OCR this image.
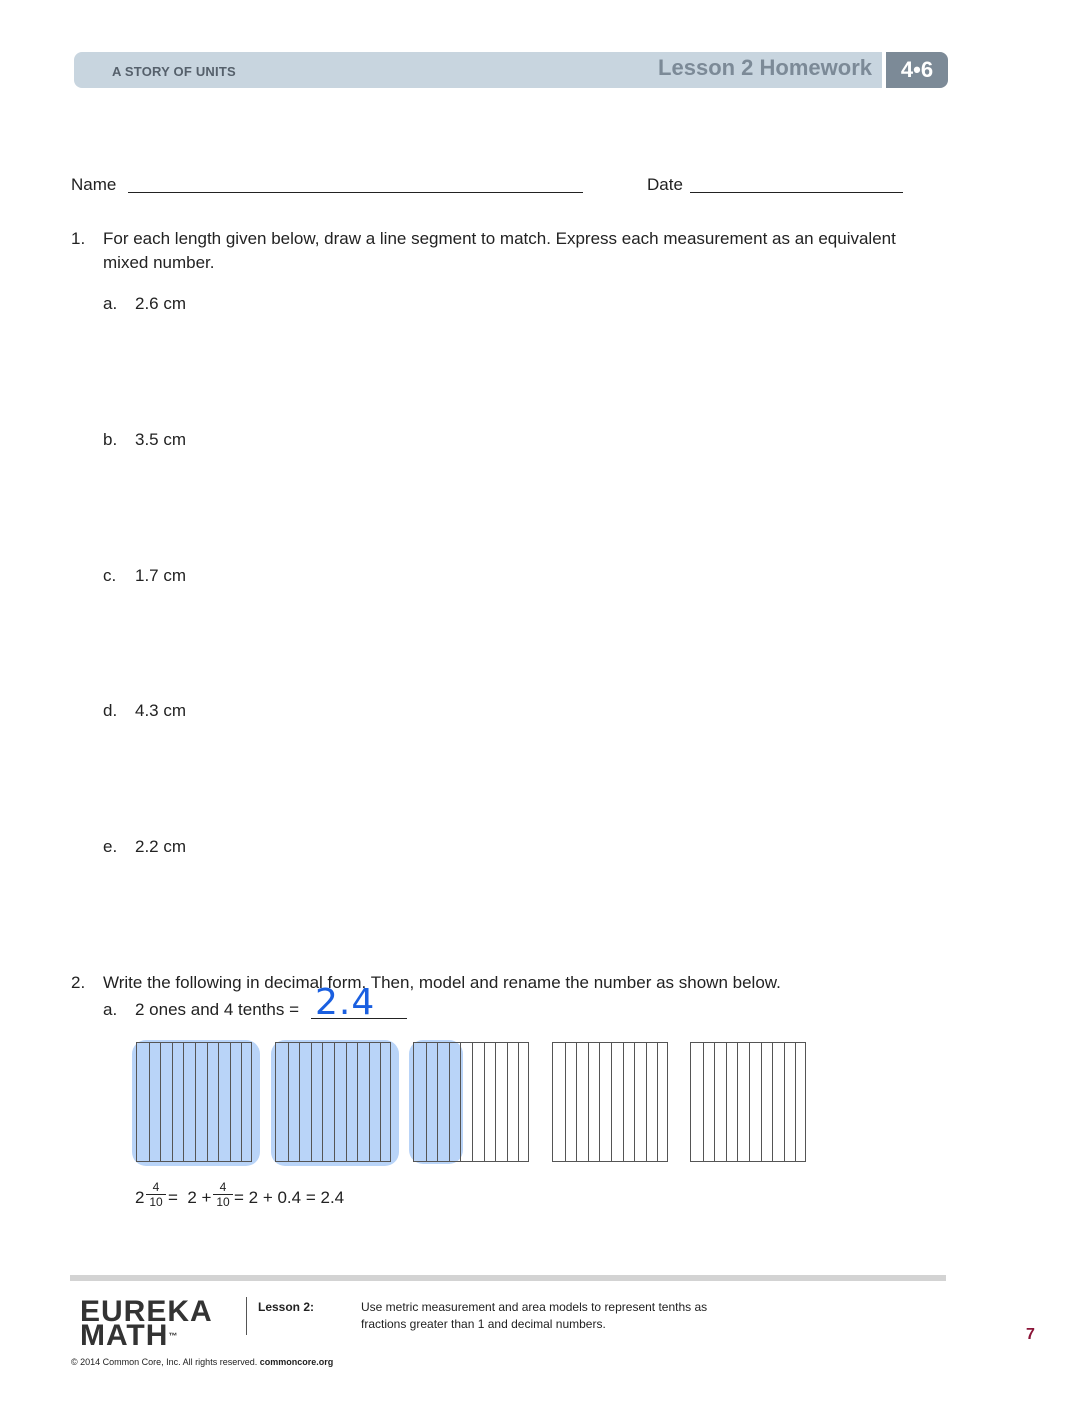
A STORY OF UNITS	Lesson 2 Homework	4•6
Name	Date
1. For each length given below, draw a line segment to match. Express each measurement as an equivalent
mixed number.
a. 2.6 cm
b. 3.5 cm
c. 1.7 cm
d. 4.3 cm
e. 2.2 cm
2. Write the following in decimal form. Then, model and rename the number as shown below.
a. 2 ones and 4 tenths = 2.4
$2 \frac{4}{10} = 2 + \frac{4}{10} = 2 + 0.4 = 2.4$
EUREKA
MATH™
Lesson 2:	Use metric measurement and area models to represent tenths as
fractions greater than 1 and decimal numbers.
© 2014 Common Core, Inc. All rights reserved. commoncore.org
7
